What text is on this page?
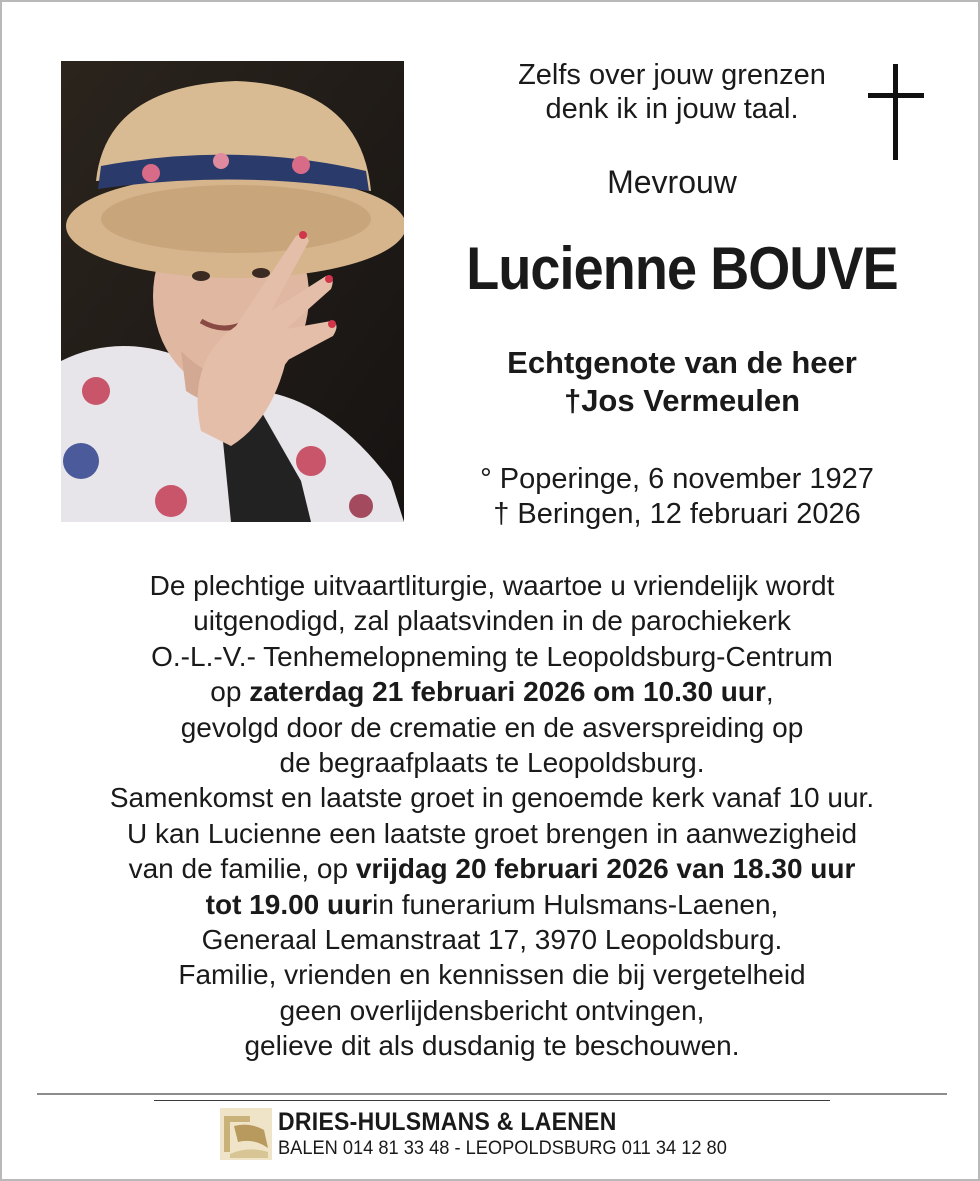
Zelfs over jouw grenzen
denk ik in jouw taal.
Mevrouw
Lucienne BOUVE
Echtgenote van de heer
†Jos Vermeulen
° Poperinge, 6 november 1927
† Beringen, 12 februari 2026
De plechtige uitvaartliturgie, waartoe u vriendelijk wordt
uitgenodigd, zal plaatsvinden in de parochiekerk
O.-L.-V.- Tenhemelopneming te Leopoldsburg-Centrum
op zaterdag 21 februari 2026 om 10.30 uur,
gevolgd door de crematie en de asverspreiding op
de begraafplaats te Leopoldsburg.
Samenkomst en laatste groet in genoemde kerk vanaf 10 uur.
U kan Lucienne een laatste groet brengen in aanwezigheid
van de familie, op vrijdag 20 februari 2026 van 18.30 uur
tot 19.00 uurin funerarium Hulsmans-Laenen,
Generaal Lemanstraat 17, 3970 Leopoldsburg.
Familie, vrienden en kennissen die bij vergetelheid
geen overlijdensbericht ontvingen,
gelieve dit als dusdanig te beschouwen.
DRIES-HULSMANS & LAENEN
BALEN 014 81 33 48 - LEOPOLDSBURG 011 34 12 80
